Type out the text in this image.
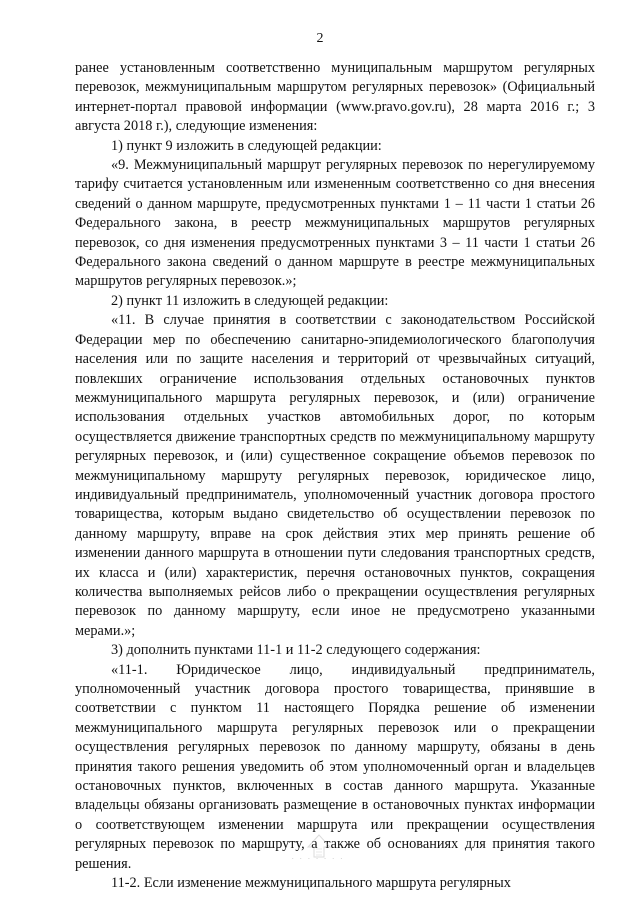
2

ранее установленным соответственно муниципальным маршрутом регулярных перевозок, межмуниципальным маршрутом регулярных перевозок» (Официальный интернет-портал правовой информации (www.pravo.gov.ru), 28 марта 2016 г.; 3 августа 2018 г.), следующие изменения:

1) пункт 9 изложить в следующей редакции:

«9. Межмуниципальный маршрут регулярных перевозок по нерегулируемому тарифу считается установленным или измененным соответственно со дня внесения сведений о данном маршруте, предусмотренных пунктами 1 – 11 части 1 статьи 26 Федерального закона, в реестр межмуниципальных маршрутов регулярных перевозок, со дня изменения предусмотренных пунктами 3 – 11 части 1 статьи 26 Федерального закона сведений о данном маршруте в реестре межмуниципальных маршрутов регулярных перевозок.»;

2) пункт 11 изложить в следующей редакции:

«11. В случае принятия в соответствии с законодательством Российской Федерации мер по обеспечению санитарно-эпидемиологического благополучия населения или по защите населения и территорий от чрезвычайных ситуаций, повлекших ограничение использования отдельных остановочных пунктов межмуниципального маршрута регулярных перевозок, и (или) ограничение использования отдельных участков автомобильных дорог, по которым осуществляется движение транспортных средств по межмуниципальному маршруту регулярных перевозок, и (или) существенное сокращение объемов перевозок по межмуниципальному маршруту регулярных перевозок, юридическое лицо, индивидуальный предприниматель, уполномоченный участник договора простого товарищества, которым выдано свидетельство об осуществлении перевозок по данному маршруту, вправе на срок действия этих мер принять решение об изменении данного маршрута в отношении пути следования транспортных средств, их класса и (или) характеристик, перечня остановочных пунктов, сокращения количества выполняемых рейсов либо о прекращении осуществления регулярных перевозок по данному маршруту, если иное не предусмотрено указанными мерами.»;

3) дополнить пунктами 11-1 и 11-2 следующего содержания:

«11-1. Юридическое лицо, индивидуальный предприниматель, уполномоченный участник договора простого товарищества, принявшие в соответствии с пунктом 11 настоящего Порядка решение об изменении межмуниципального маршрута регулярных перевозок или о прекращении осуществления регулярных перевозок по данному маршруту, обязаны в день принятия такого решения уведомить об этом уполномоченный орган и владельцев остановочных пунктов, включенных в состав данного маршрута. Указанные владельцы обязаны организовать размещение в остановочных пунктах информации о соответствующем изменении маршрута или прекращении осуществления регулярных перевозок по маршруту, а также об основаниях для принятия такого решения.

11-2. Если изменение межмуниципального маршрута регулярных

· · · · · · ·
